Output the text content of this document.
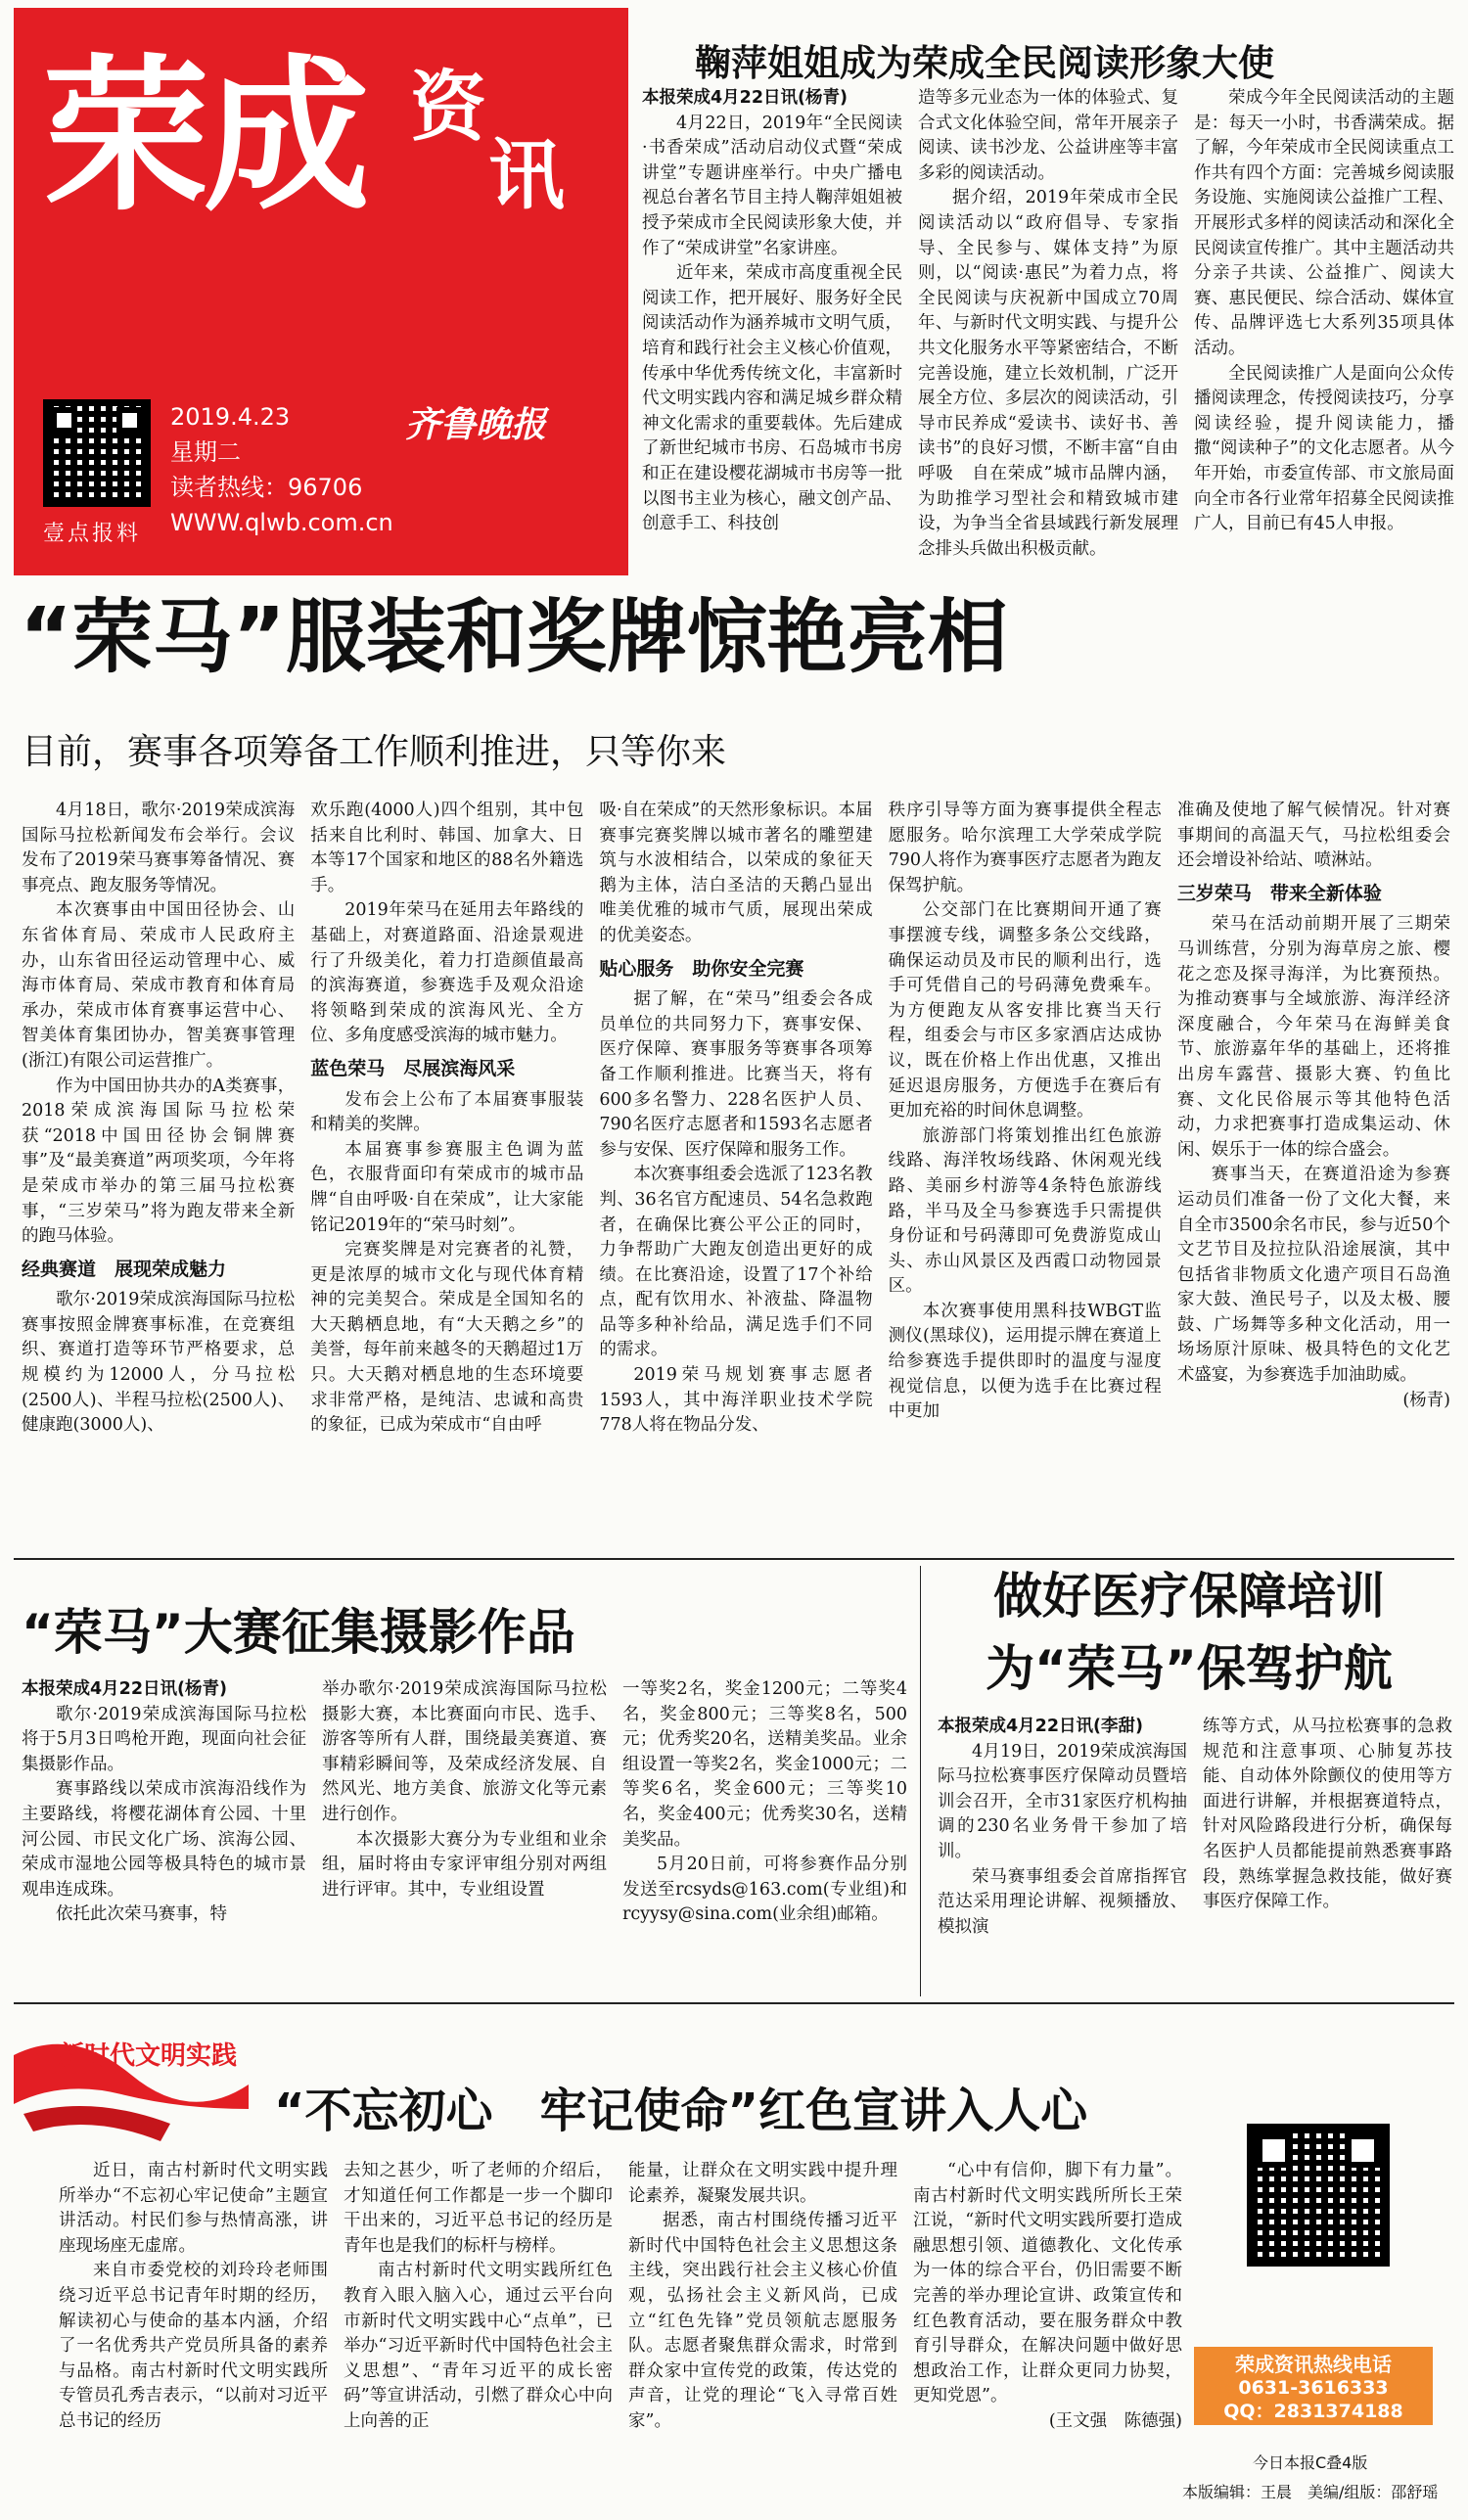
荣成 资
讯
壹点报料
2019.4.23
星期二
读者热线：96706
WWW.qlwb.com.cn
齐鲁晚报
鞠萍姐姐成为荣成全民阅读形象大使

本报荣成4月22日讯(杨青)

4月22日，2019年“全民阅读·书香荣成”活动启动仪式暨“荣成讲堂”专题讲座举行。中央广播电视总台著名节目主持人鞠萍姐姐被授予荣成市全民阅读形象大使，并作了“荣成讲堂”名家讲座。

近年来，荣成市高度重视全民阅读工作，把开展好、服务好全民阅读活动作为涵养城市文明气质，培育和践行社会主义核心价值观，传承中华优秀传统文化，丰富新时代文明实践内容和满足城乡群众精神文化需求的重要载体。先后建成了新世纪城市书房、石岛城市书房和正在建设樱花湖城市书房等一批以图书主业为核心，融文创产品、创意手工、科技创

造等多元业态为一体的体验式、复合式文化体验空间，常年开展亲子阅读、读书沙龙、公益讲座等丰富多彩的阅读活动。

据介绍，2019年荣成市全民阅读活动以“政府倡导、专家指导、全民参与、媒体支持”为原则，以“阅读·惠民”为着力点，将全民阅读与庆祝新中国成立70周年、与新时代文明实践、与提升公共文化服务水平等紧密结合，不断完善设施，建立长效机制，广泛开展全方位、多层次的阅读活动，引导市民养成“爱读书、读好书、善读书”的良好习惯，不断丰富“自由呼吸　自在荣成”城市品牌内涵，为助推学习型社会和精致城市建设，为争当全省县域践行新发展理念排头兵做出积极贡献。

荣成今年全民阅读活动的主题是：每天一小时，书香满荣成。据了解，今年荣成市全民阅读重点工作共有四个方面：完善城乡阅读服务设施、实施阅读公益推广工程、开展形式多样的阅读活动和深化全民阅读宣传推广。其中主题活动共分亲子共读、公益推广、阅读大赛、惠民便民、综合活动、媒体宣传、品牌评选七大系列35项具体活动。

全民阅读推广人是面向公众传播阅读理念，传授阅读技巧，分享阅读经验，提升阅读能力，播撒“阅读种子”的文化志愿者。从今年开始，市委宣传部、市文旅局面向全市各行业常年招募全民阅读推广人，目前已有45人申报。

“荣马”服装和奖牌惊艳亮相
目前，赛事各项筹备工作顺利推进，只等你来

4月18日，歌尔·2019荣成滨海国际马拉松新闻发布会举行。会议发布了2019荣马赛事筹备情况、赛事亮点、跑友服务等情况。

本次赛事由中国田径协会、山东省体育局、荣成市人民政府主办，山东省田径运动管理中心、威海市体育局、荣成市教育和体育局承办，荣成市体育赛事运营中心、智美体育集团协办，智美赛事管理(浙江)有限公司运营推广。

作为中国田协共办的A类赛事，2018荣成滨海国际马拉松荣获“2018中国田径协会铜牌赛事”及“最美赛道”两项奖项，今年将是荣成市举办的第三届马拉松赛事，“三岁荣马”将为跑友带来全新的跑马体验。

经典赛道　展现荣成魅力

歌尔·2019荣成滨海国际马拉松赛事按照金牌赛事标准，在竞赛组织、赛道打造等环节严格要求，总规模约为12000人，分马拉松(2500人)、半程马拉松(2500人)、健康跑(3000人)、

欢乐跑(4000人)四个组别，其中包括来自比利时、韩国、加拿大、日本等17个国家和地区的88名外籍选手。

2019年荣马在延用去年路线的基础上，对赛道路面、沿途景观进行了升级美化，着力打造颜值最高的滨海赛道，参赛选手及观众沿途将领略到荣成的滨海风光、全方位、多角度感受滨海的城市魅力。

蓝色荣马　尽展滨海风采

发布会上公布了本届赛事服装和精美的奖牌。

本届赛事参赛服主色调为蓝色，衣服背面印有荣成市的城市品牌“自由呼吸·自在荣成”，让大家能铭记2019年的“荣马时刻”。

完赛奖牌是对完赛者的礼赞，更是浓厚的城市文化与现代体育精神的完美契合。荣成是全国知名的大天鹅栖息地，有“大天鹅之乡”的美誉，每年前来越冬的天鹅超过1万只。大天鹅对栖息地的生态环境要求非常严格，是纯洁、忠诚和高贵的象征，已成为荣成市“自由呼

吸·自在荣成”的天然形象标识。本届赛事完赛奖牌以城市著名的雕塑建筑与水波相结合，以荣成的象征天鹅为主体，洁白圣洁的天鹅凸显出唯美优雅的城市气质，展现出荣成的优美姿态。

贴心服务　助你安全完赛

据了解，在“荣马”组委会各成员单位的共同努力下，赛事安保、医疗保障、赛事服务等赛事各项筹备工作顺利推进。比赛当天，将有600多名警力、228名医护人员、790名医疗志愿者和1593名志愿者参与安保、医疗保障和服务工作。

本次赛事组委会选派了123名教判、36名官方配速员、54名急救跑者，在确保比赛公平公正的同时，力争帮助广大跑友创造出更好的成绩。在比赛沿途，设置了17个补给点，配有饮用水、补液盐、降温物品等多种补给品，满足选手们不同的需求。

2019荣马规划赛事志愿者1593人，其中海洋职业技术学院778人将在物品分发、

秩序引导等方面为赛事提供全程志愿服务。哈尔滨理工大学荣成学院790人将作为赛事医疗志愿者为跑友保驾护航。

公交部门在比赛期间开通了赛事摆渡专线，调整多条公交线路，确保运动员及市民的顺利出行，选手可凭借自己的号码薄免费乘车。为方便跑友从客安排比赛当天行程，组委会与市区多家酒店达成协议，既在价格上作出优惠，又推出延迟退房服务，方便选手在赛后有更加充裕的时间休息调整。

旅游部门将策划推出红色旅游线路、海洋牧场线路、休闲观光线路、美丽乡村游等4条特色旅游线路，半马及全马参赛选手只需提供身份证和号码薄即可免费游览成山头、赤山风景区及西霞口动物园景区。

本次赛事使用黑科技WBGT监测仪(黑球仪)，运用提示牌在赛道上给参赛选手提供即时的温度与湿度视觉信息，以便为选手在比赛过程中更加

准确及使地了解气候情况。针对赛事期间的高温天气，马拉松组委会还会增设补给站、喷淋站。

三岁荣马　带来全新体验

荣马在活动前期开展了三期荣马训练营，分别为海草房之旅、樱花之恋及探寻海洋，为比赛预热。为推动赛事与全域旅游、海洋经济深度融合，今年荣马在海鲜美食节、旅游嘉年华的基础上，还将推出房车露营、摄影大赛、钓鱼比赛、文化民俗展示等其他特色活动，力求把赛事打造成集运动、休闲、娱乐于一体的综合盛会。

赛事当天，在赛道沿途为参赛运动员们准备一份了文化大餐，来自全市3500余名市民，参与近50个文艺节目及拉拉队沿途展演，其中包括省非物质文化遗产项目石岛渔家大鼓、渔民号子，以及太极、腰鼓、广场舞等多种文化活动，用一场场原汁原味、极具特色的文化艺术盛宴，为参赛选手加油助威。

(杨青)

“荣马”大赛征集摄影作品

本报荣成4月22日讯(杨青)

歌尔·2019荣成滨海国际马拉松将于5月3日鸣枪开跑，现面向社会征集摄影作品。

赛事路线以荣成市滨海沿线作为主要路线，将樱花湖体育公园、十里河公园、市民文化广场、滨海公园、荣成市湿地公园等极具特色的城市景观串连成珠。

依托此次荣马赛事，特

举办歌尔·2019荣成滨海国际马拉松摄影大赛，本比赛面向市民、选手、游客等所有人群，围绕最美赛道、赛事精彩瞬间等，及荣成经济发展、自然风光、地方美食、旅游文化等元素进行创作。

本次摄影大赛分为专业组和业余组，届时将由专家评审组分别对两组进行评审。其中，专业组设置

一等奖2名，奖金1200元；二等奖4名，奖金800元；三等奖8名，500元；优秀奖20名，送精美奖品。业余组设置一等奖2名，奖金1000元；二等奖6名，奖金600元；三等奖10名，奖金400元；优秀奖30名，送精美奖品。

5月20日前，可将参赛作品分别发送至rcsyds@163.com(专业组)和rcyysy@sina.com(业余组)邮箱。

做好医疗保障培训
为“荣马”保驾护航

本报荣成4月22日讯(李甜)

4月19日，2019荣成滨海国际马拉松赛事医疗保障动员暨培训会召开，全市31家医疗机构抽调的230名业务骨干参加了培训。

荣马赛事组委会首席指挥官范达采用理论讲解、视频播放、模拟演

练等方式，从马拉松赛事的急救规范和注意事项、心肺复苏技能、自动体外除颤仪的使用等方面进行讲解，并根据赛道特点，针对风险路段进行分析，确保每名医护人员都能提前熟悉赛事路段，熟练掌握急救技能，做好赛事医疗保障工作。

新时代文明实践
“不忘初心　牢记使命”红色宣讲入人心

近日，南古村新时代文明实践所举办“不忘初心牢记使命”主题宣讲活动。村民们参与热情高涨，讲座现场座无虚席。

来自市委党校的刘玲玲老师围绕习近平总书记青年时期的经历，解读初心与使命的基本内涵，介绍了一名优秀共产党员所具备的素养与品格。南古村新时代文明实践所专管员孔秀吉表示，“以前对习近平总书记的经历

去知之甚少，听了老师的介绍后，才知道任何工作都是一步一个脚印干出来的，习近平总书记的经历是青年也是我们的标杆与榜样。

南古村新时代文明实践所红色教育入眼入脑入心，通过云平台向市新时代文明实践中心“点单”，已举办“习近平新时代中国特色社会主义思想”、“青年习近平的成长密码”等宣讲活动，引燃了群众心中向上向善的正

能量，让群众在文明实践中提升理论素养，凝聚发展共识。

据悉，南古村围绕传播习近平新时代中国特色社会主义思想这条主线，突出践行社会主义核心价值观，弘扬社会主义新风尚，已成立“红色先锋”党员领航志愿服务队。志愿者聚焦群众需求，时常到群众家中宣传党的政策，传达党的声音，让党的理论“飞入寻常百姓家”。

“心中有信仰，脚下有力量”。南古村新时代文明实践所所长王荣江说，“新时代文明实践所要打造成融思想引领、道德教化、文化传承为一体的综合平台，仍旧需要不断完善的举办理论宣讲、政策宣传和红色教育活动，要在服务群众中教育引导群众，在解决问题中做好思想政治工作，让群众更同力协契，更知党恩”。

(王文强　陈德强)

荣成资讯热线电话
0631-3616333
QQ：2831374188
今日本报C叠4版
本版编辑：王晨　美编/组版：邵舒瑶
